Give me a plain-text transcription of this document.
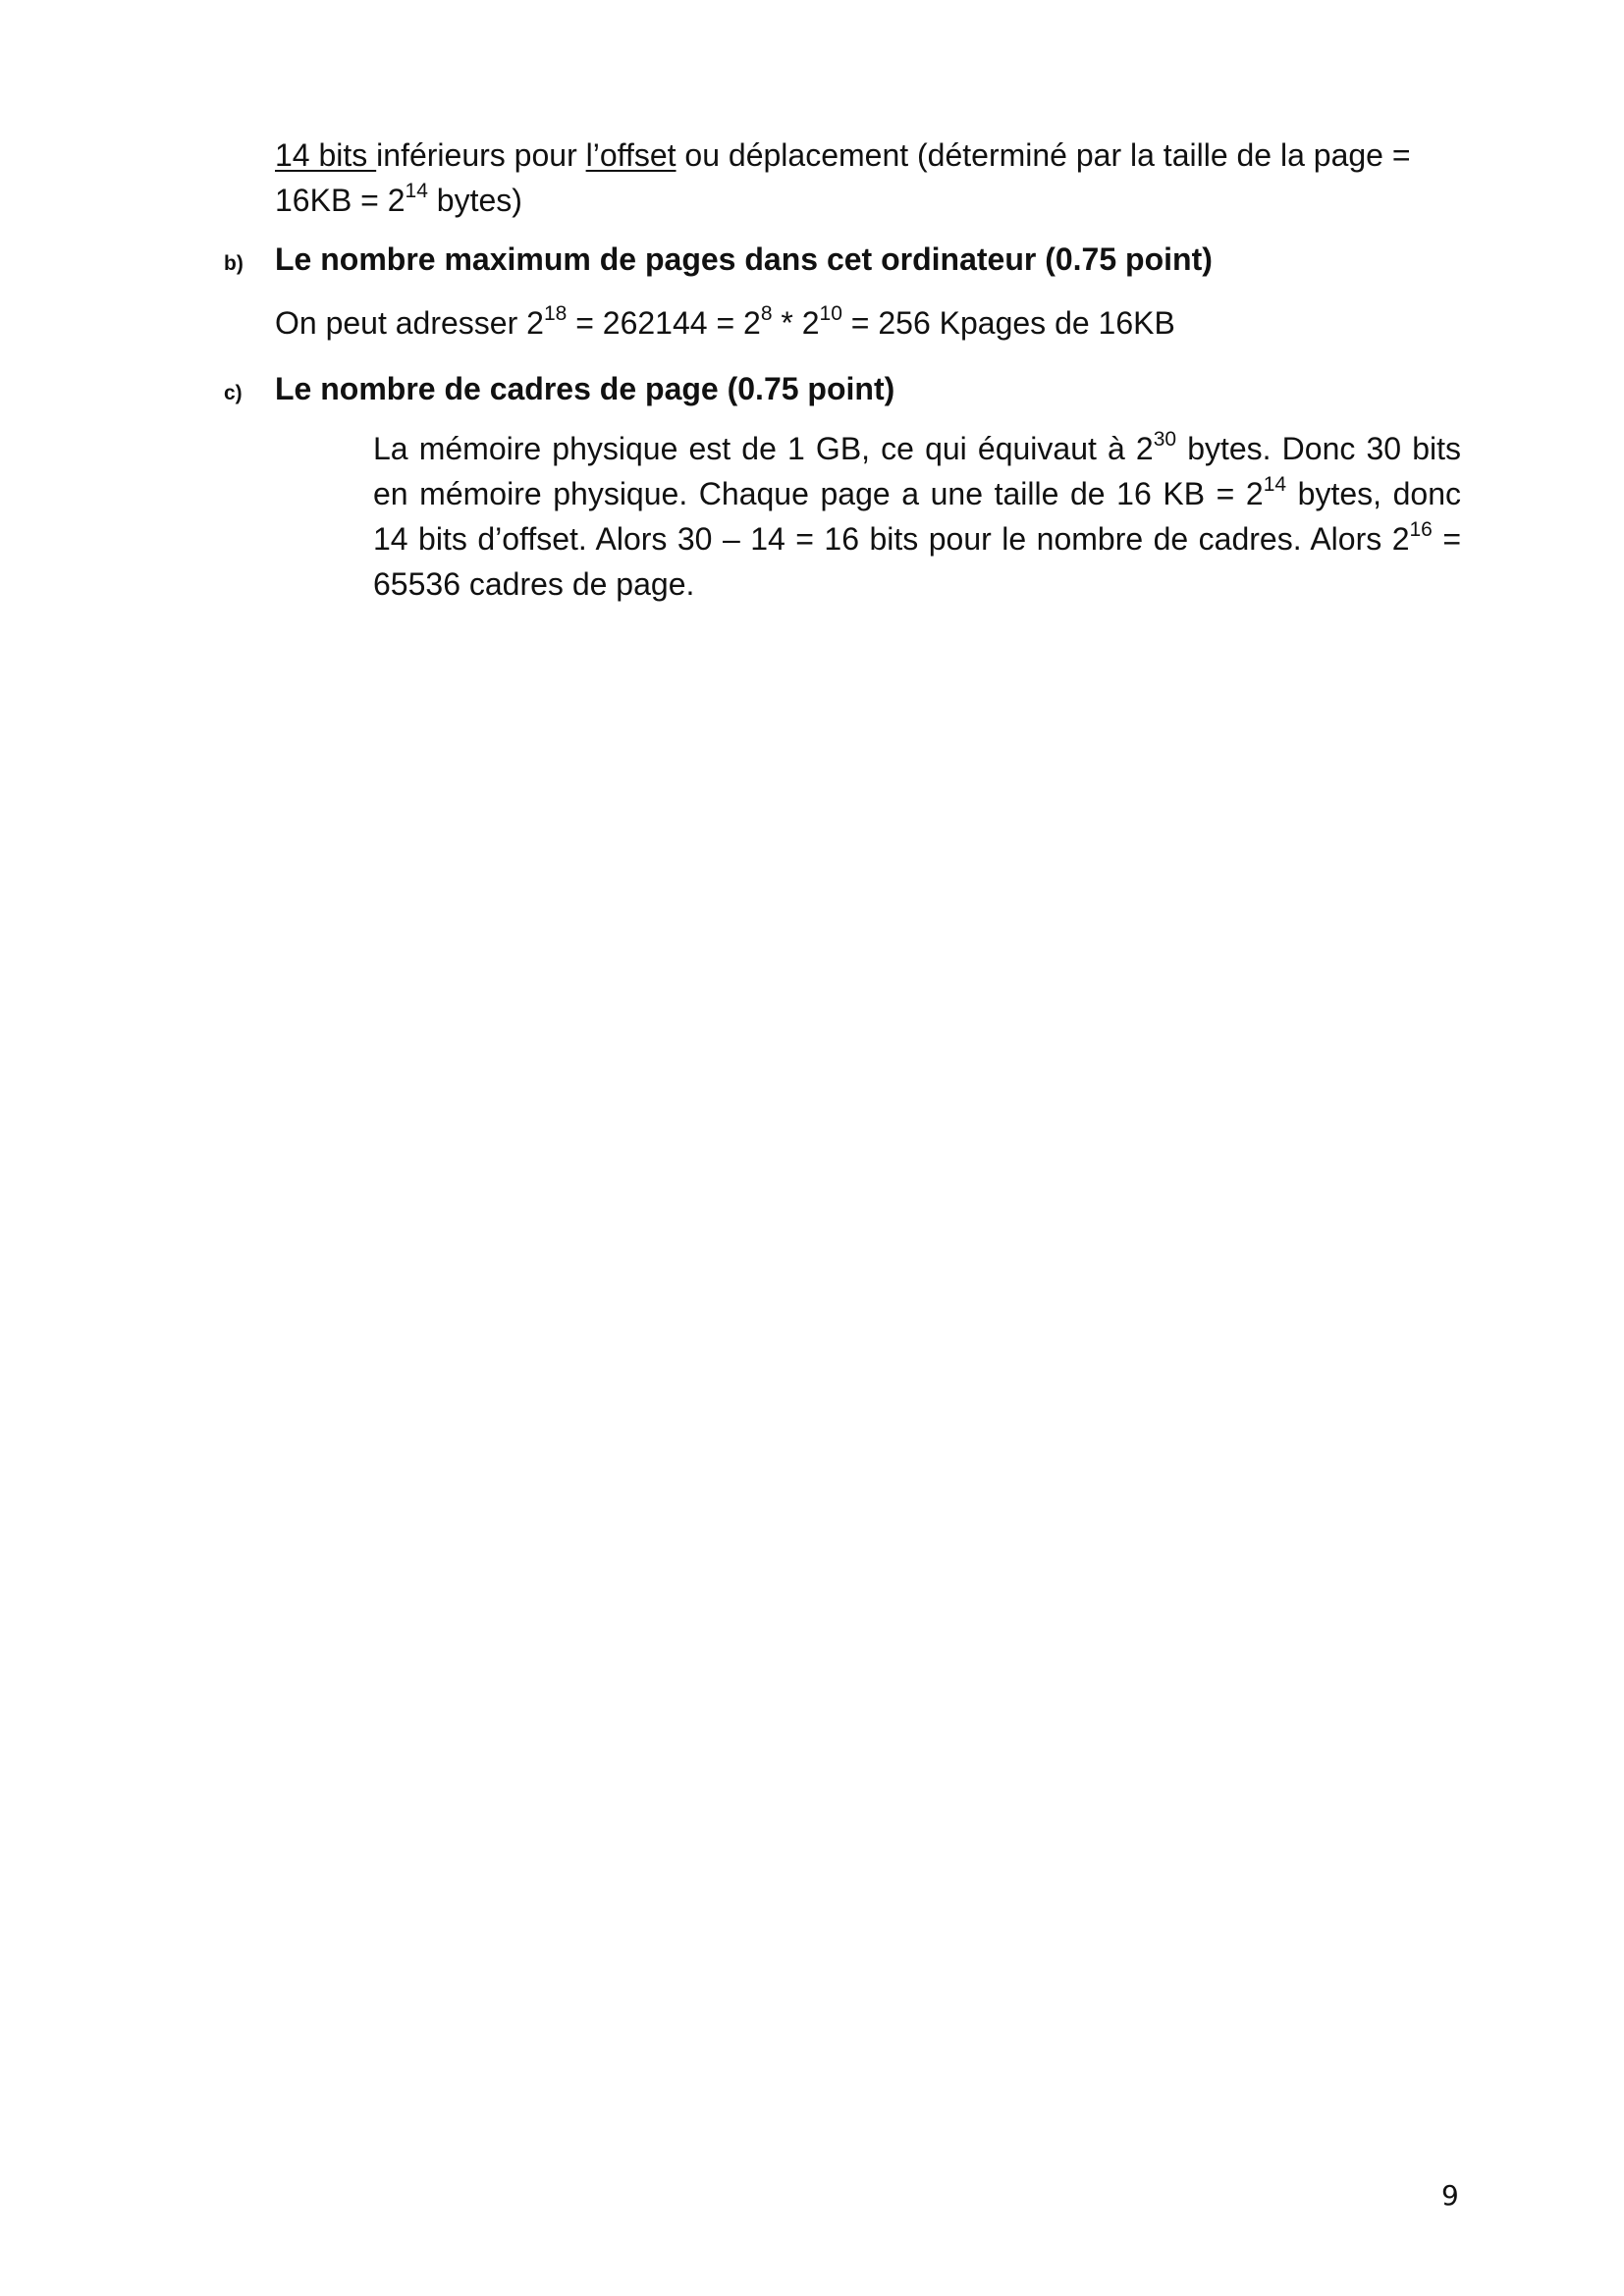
14 bits inférieurs pour l’offset ou déplacement (déterminé par la taille de la page =
$16KB = 2^{14}$ bytes)
b) Le nombre maximum de pages dans cet ordinateur (0.75 point)
On peut adresser $2^{18} = 262144 = 2^8 * 2^{10} = 256$ Kpages de 16KB
c) Le nombre de cadres de page (0.75 point)
La mémoire physique est de 1 GB, ce qui équivaut à $2^{30}$ bytes. Donc 30 bits en mémoire physique. Chaque page a une taille de 16 KB = $2^{14}$ bytes, donc 14 bits d’offset. Alors 30 – 14 = 16 bits pour le nombre de cadres. Alors $2^{16} = 65536$ cadres de page.
9
